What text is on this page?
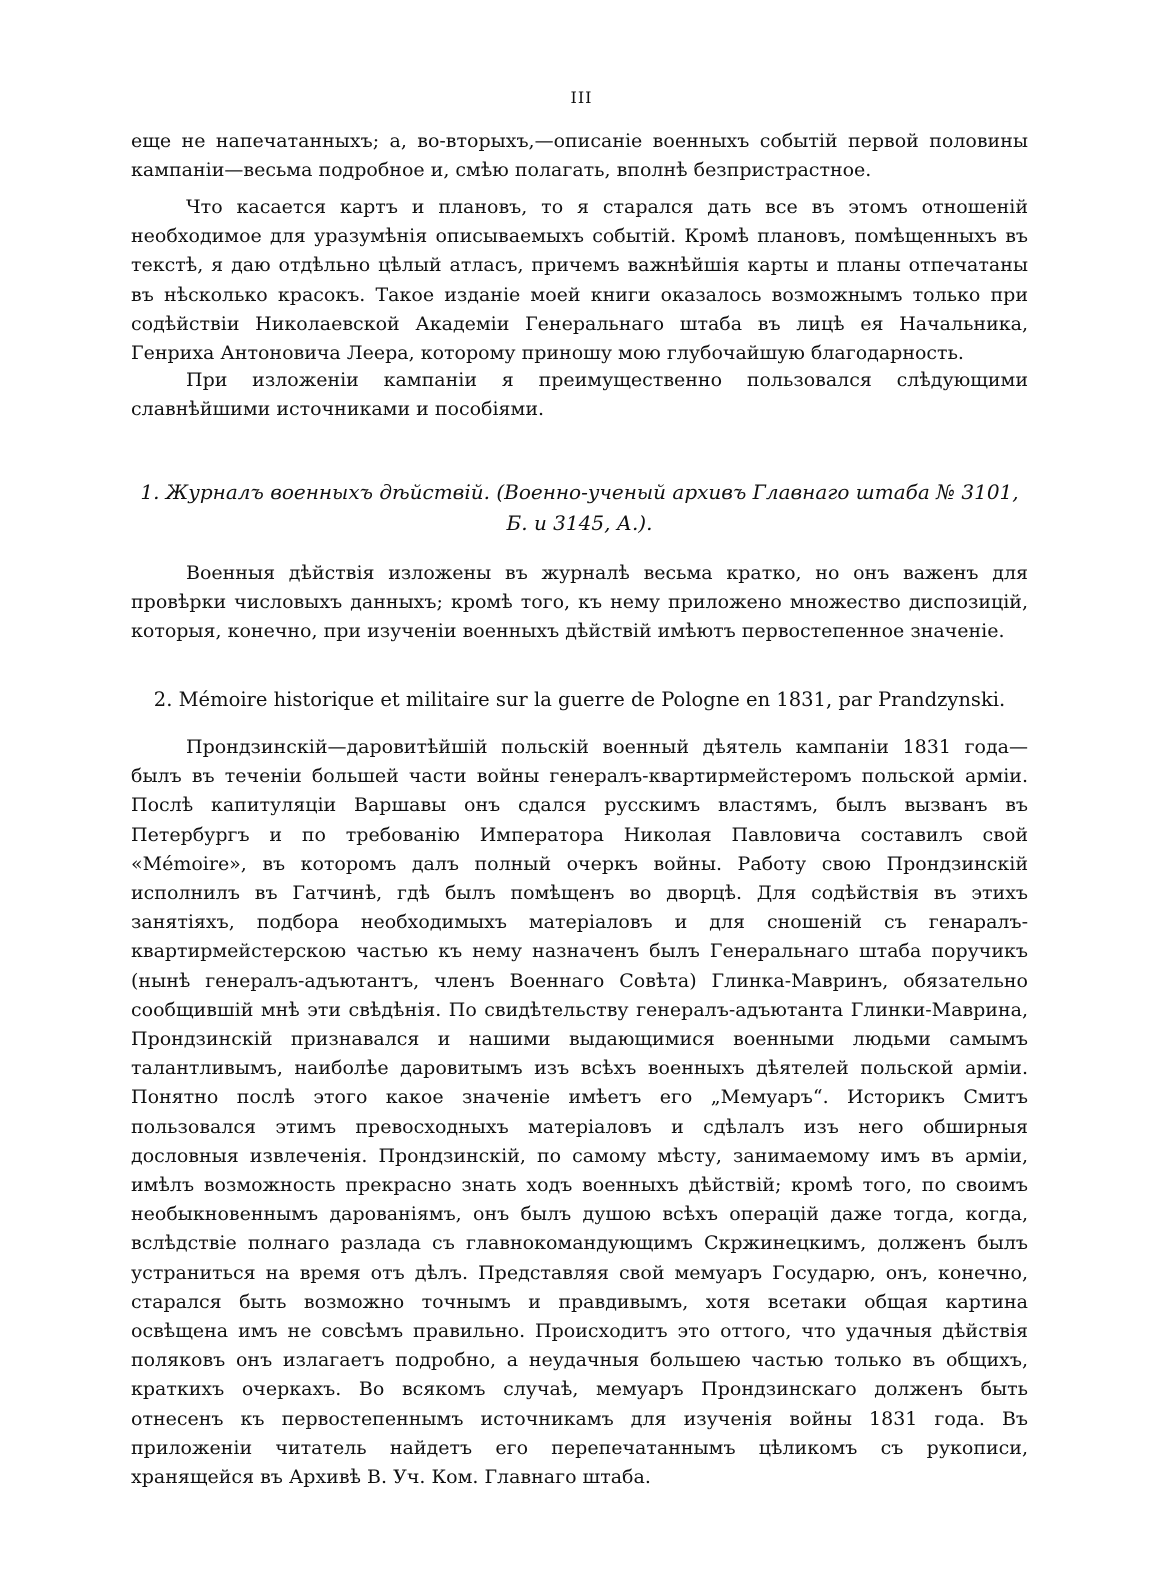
III

еще не напечатанныхъ; а, во-вторыхъ,—описаніе военныхъ событій первой половины кампаніи—весьма подробное и, смѣю полагать, вполнѣ безпристрастное.

Что касается картъ и плановъ, то я старался дать все въ этомъ отношеній необходимое для уразумѣнія описываемыхъ событій. Кромѣ плановъ, помѣщенныхъ въ текстѣ, я даю отдѣльно цѣлый атласъ, причемъ важнѣйшія карты и планы отпечатаны въ нѣсколько красокъ. Такое изданіе моей книги оказалось возможнымъ только при содѣйствіи Николаевской Академіи Генеральнаго штаба въ лицѣ ея Начальника, Генриха Антоновича Леера, которому приношу мою глубочайшую благодарность.

При изложеніи кампаніи я преимущественно пользовался слѣдующими славнѣйшими источниками и пособіями.

1. Журналъ военныхъ дѣйствій. (Военно-ученый архивъ Главнаго штаба № 3101,

Б. и 3145, А.).

Военныя дѣйствія изложены въ журналѣ весьма кратко, но онъ важенъ для провѣрки числовыхъ данныхъ; кромѣ того, къ нему приложено множество диспозицій, которыя, конечно, при изученіи военныхъ дѣйствій имѣютъ первостепенное значеніе.

2. Mémoire historique et militaire sur la guerre de Pologne en 1831, par Prandzynski.

Прондзинскій—даровитѣйшій польскій военный дѣятель кампаніи 1831 года—былъ въ теченіи большей части войны генералъ-квартирмейстеромъ польской арміи. Послѣ капитуляціи Варшавы онъ сдался русскимъ властямъ, былъ вызванъ въ Петербургъ и по требованію Императора Николая Павловича составилъ свой «Mémoire», въ которомъ далъ полный очеркъ войны. Работу свою Прондзинскій исполнилъ въ Гатчинѣ, гдѣ былъ помѣщенъ во дворцѣ. Для содѣйствія въ этихъ занятіяхъ, подбора необходимыхъ матеріаловъ и для сношеній съ генаралъ-квартирмейстерскою частью къ нему назначенъ былъ Генеральнаго штаба поручикъ (нынѣ генералъ-адъютантъ, членъ Военнаго Совѣта) Глинка-Мавринъ, обязательно сообщившій мнѣ эти свѣдѣнія. По свидѣтельству генералъ-адъютанта Глинки-Маврина, Прондзинскій признавался и нашими выдающимися военными людьми самымъ талантливымъ, наиболѣе даровитымъ изъ всѣхъ военныхъ дѣятелей польской арміи. Понятно послѣ этого какое значеніе имѣетъ его „Мемуаръ“. Историкъ Смитъ пользовался этимъ превосходныхъ матеріаловъ и сдѣлалъ изъ него обширныя дословныя извлеченія. Прондзинскій, по самому мѣсту, занимаемому имъ въ арміи, имѣлъ возможность прекрасно знать ходъ военныхъ дѣйствій; кромѣ того, по своимъ необыкновеннымъ дарованіямъ, онъ былъ душою всѣхъ операцій даже тогда, когда, вслѣдствіе полнаго разлада съ главнокомандующимъ Скржинецкимъ, долженъ былъ устраниться на время отъ дѣлъ. Представляя свой мемуаръ Государю, онъ, конечно, старался быть возможно точнымъ и правдивымъ, хотя всетаки общая картина освѣщена имъ не совсѣмъ правильно. Происходитъ это оттого, что удачныя дѣйствія поляковъ онъ излагаетъ подробно, а неудачныя большею частью только въ общихъ, краткихъ очеркахъ. Во всякомъ случаѣ, мемуаръ Прондзинскаго долженъ быть отнесенъ къ первостепеннымъ источникамъ для изученія войны 1831 года. Въ приложеніи читатель найдетъ его перепечатаннымъ цѣликомъ съ рукописи, хранящейся въ Архивѣ В. Уч. Ком. Главнаго штаба.
